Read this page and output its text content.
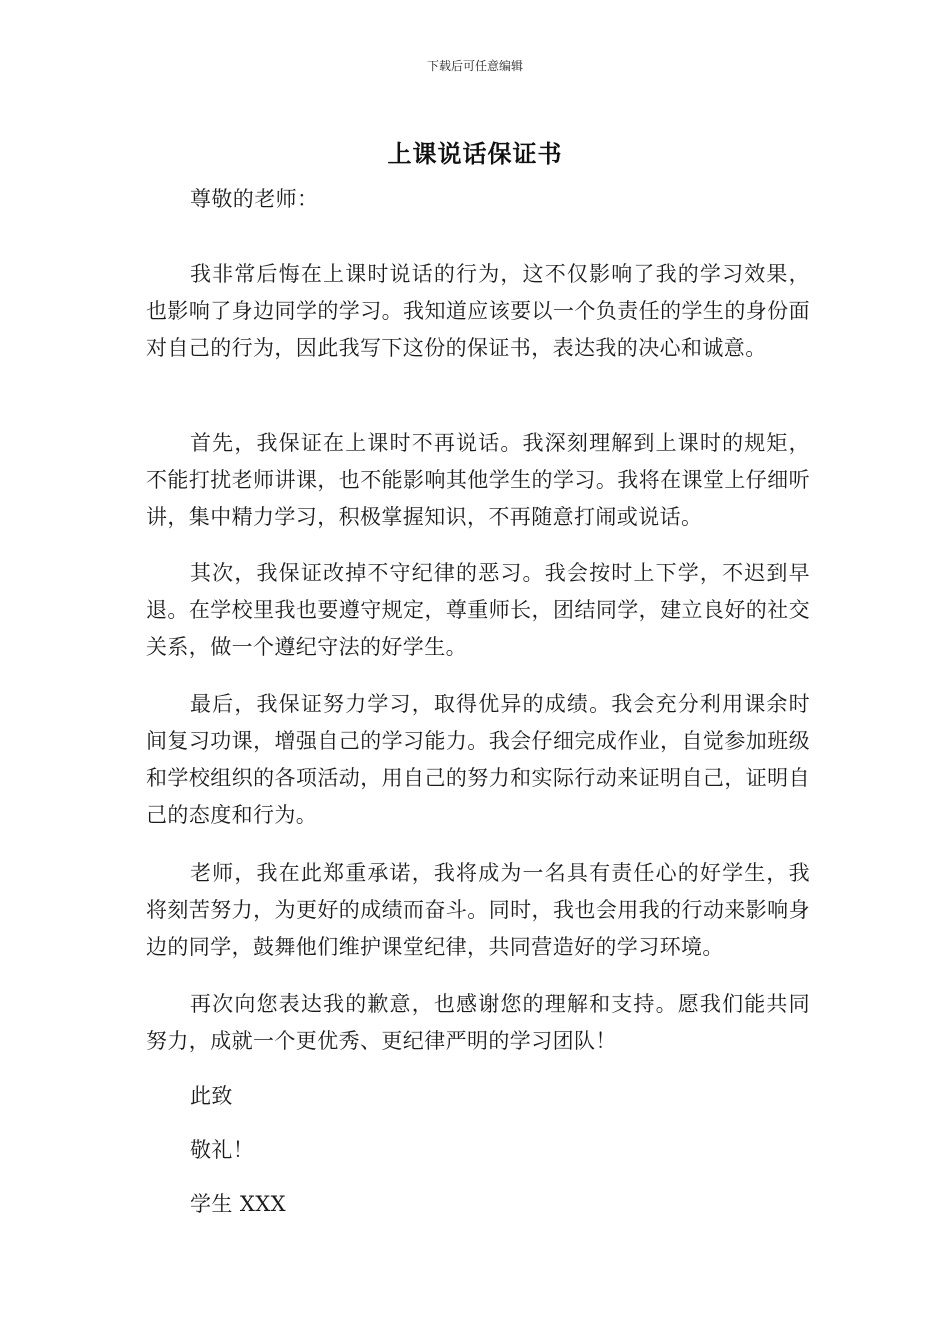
下载后可任意编辑
上课说话保证书

尊敬的老师：

我非常后悔在上课时说话的行为，这不仅影响了我的学习效果，也影响了身边同学的学习。我知道应该要以一个负责任的学生的身份面对自己的行为，因此我写下这份的保证书，表达我的决心和诚意。

首先，我保证在上课时不再说话。我深刻理解到上课时的规矩，不能打扰老师讲课，也不能影响其他学生的学习。我将在课堂上仔细听讲，集中精力学习，积极掌握知识，不再随意打闹或说话。

其次，我保证改掉不守纪律的恶习。我会按时上下学，不迟到早退。在学校里我也要遵守规定，尊重师长，团结同学，建立良好的社交关系，做一个遵纪守法的好学生。

最后，我保证努力学习，取得优异的成绩。我会充分利用课余时间复习功课，增强自己的学习能力。我会仔细完成作业，自觉参加班级和学校组织的各项活动，用自己的努力和实际行动来证明自己，证明自己的态度和行为。

老师，我在此郑重承诺，我将成为一名具有责任心的好学生，我将刻苦努力，为更好的成绩而奋斗。同时，我也会用我的行动来影响身边的同学，鼓舞他们维护课堂纪律，共同营造好的学习环境。

再次向您表达我的歉意，也感谢您的理解和支持。愿我们能共同努力，成就一个更优秀、更纪律严明的学习团队！

此致

敬礼！

学生 XXX
